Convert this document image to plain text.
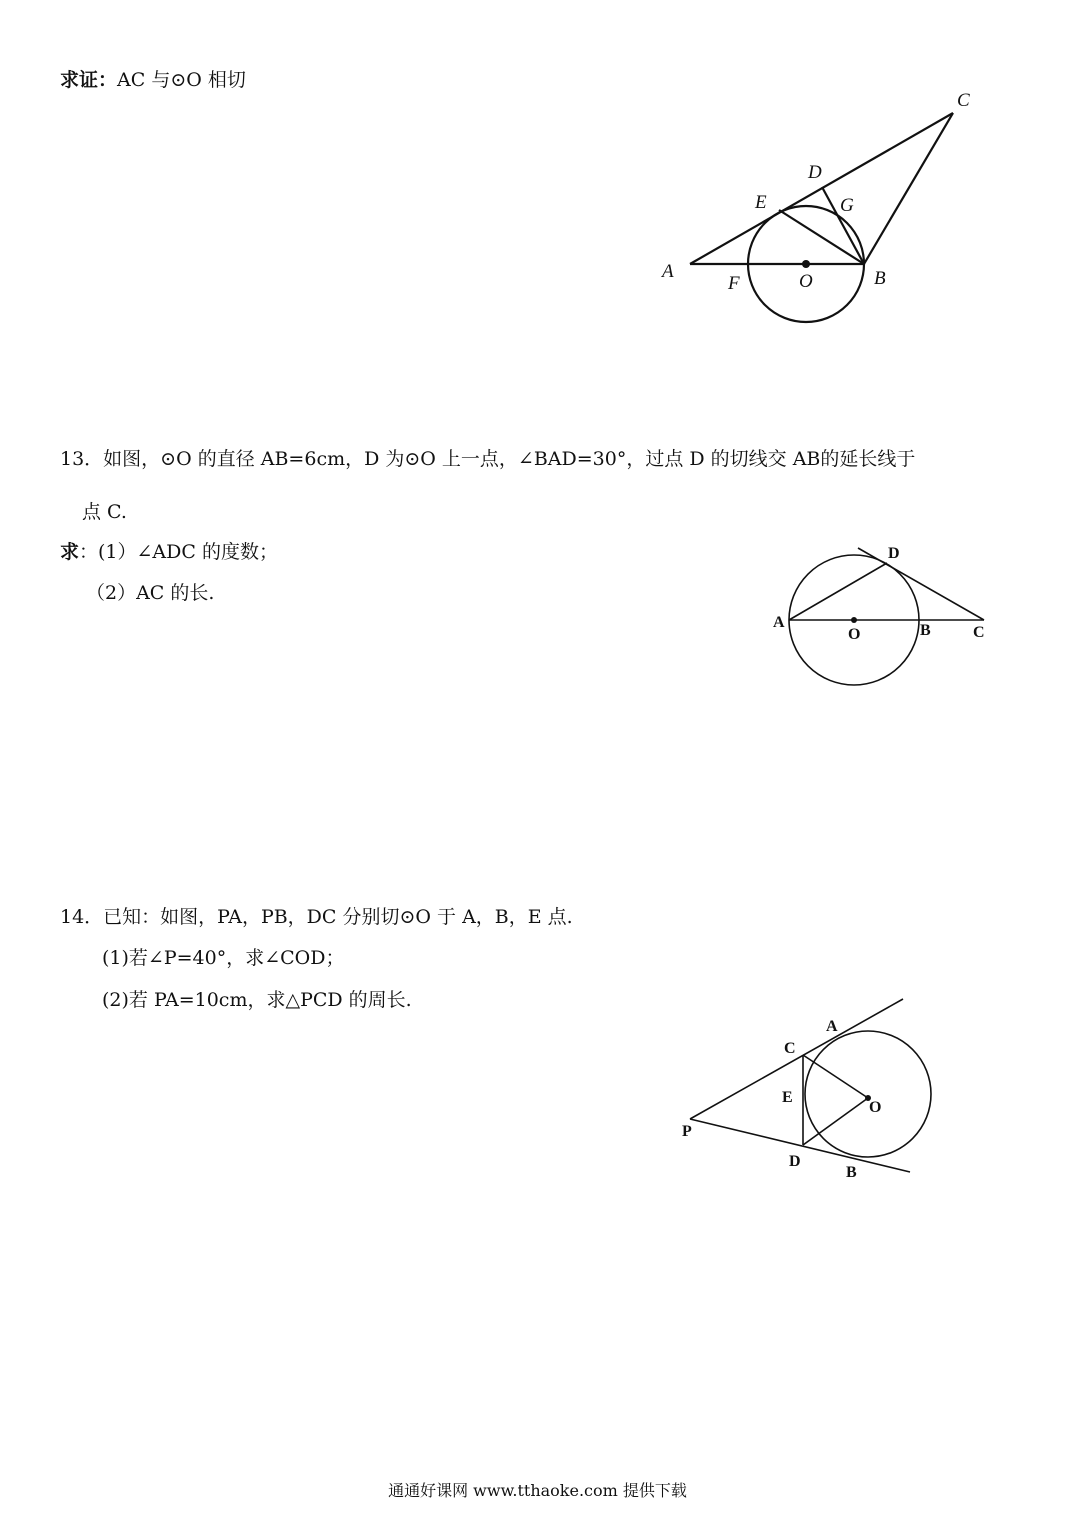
求证：AC 与⊙O 相切
A	B
C
D
E
F
G
O
13．如图，⊙O 的直径 AB=6cm，D 为⊙O 上一点，∠BAD=30°，过点 D 的切线交 AB的延长线于
点 C.
求：(1）∠ADC 的度数；
（2）AC 的长.
A	B	C
D
O
14．已知：如图，PA，PB，DC 分别切⊙O 于 A，B，E 点.
(1)若∠P=40°，求∠COD；
(2)若 PA=10cm，求△PCD 的周长.
P
A
B
C
D
E
O
通通好课网 www.tthaoke.com 提供下载
